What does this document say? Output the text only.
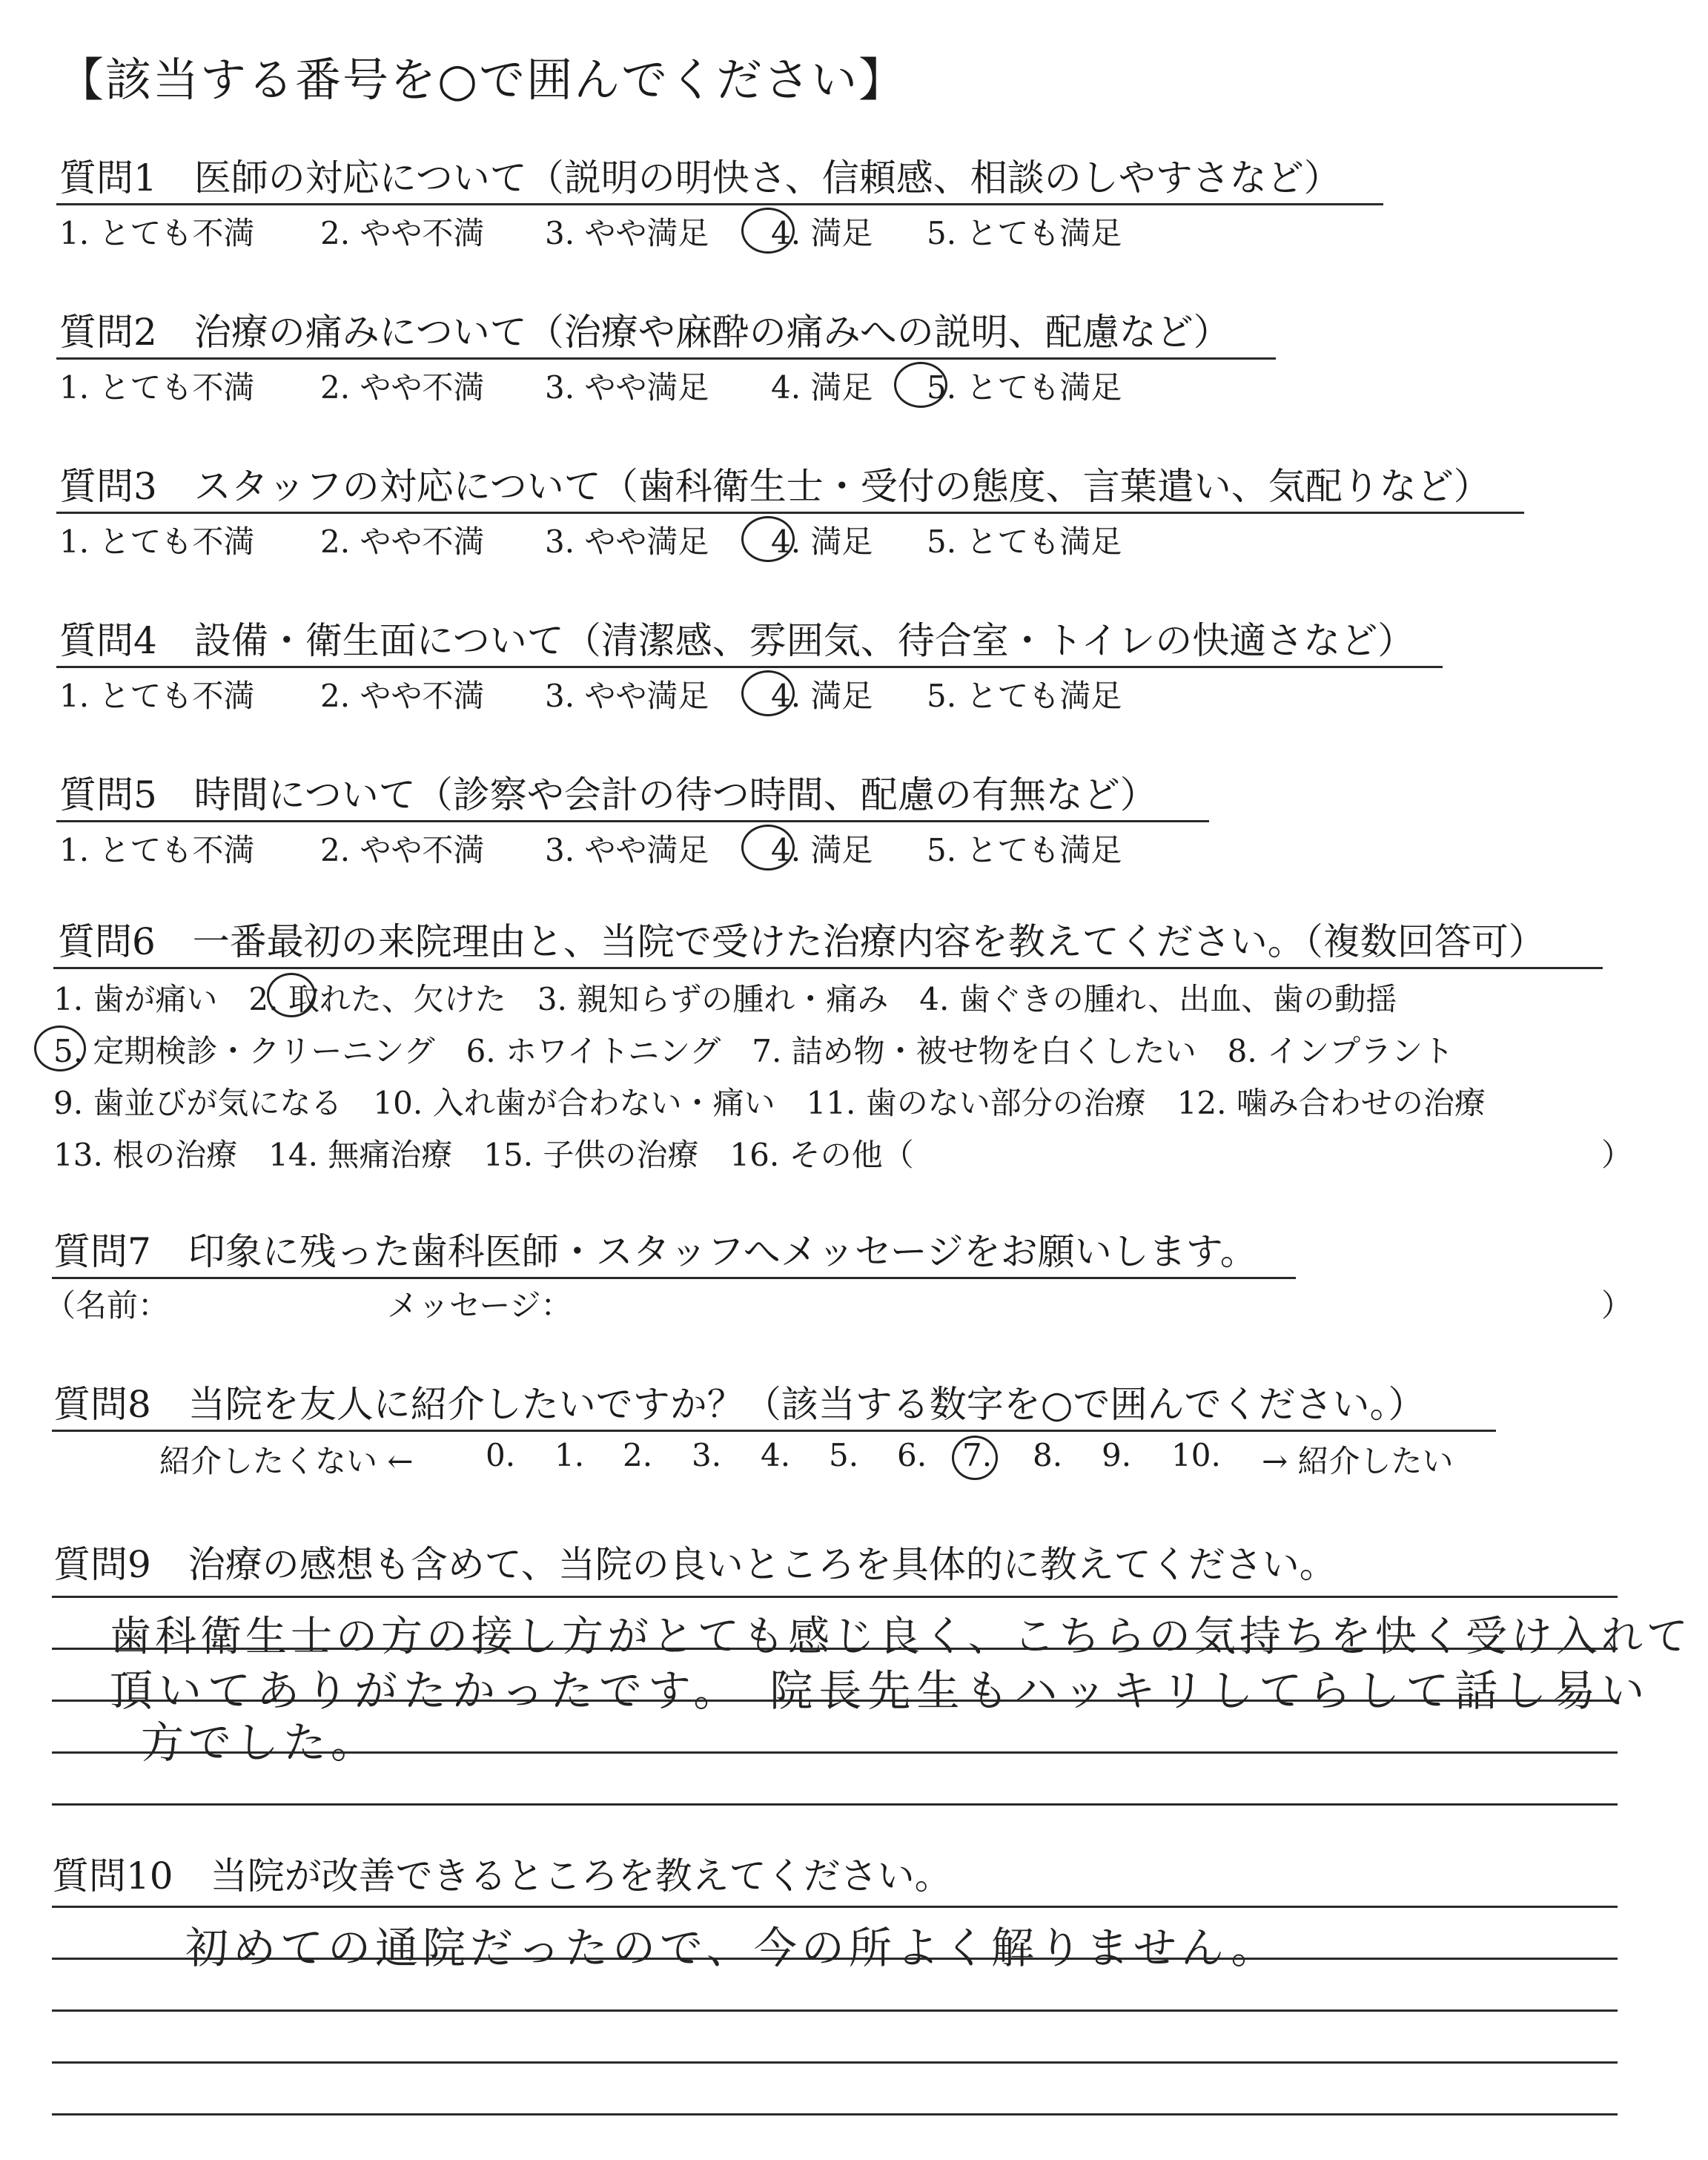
【該当する番号を○で囲んでください】
質問1　医師の対応について（説明の明快さ、信頼感、相談のしやすさなど）
1. とても不満 2. やや不満 3. やや満足 4. 満足 5. とても満足
質問2　治療の痛みについて（治療や麻酔の痛みへの説明、配慮など）
1. とても不満 2. やや不満 3. やや満足 4. 満足 5. とても満足
質問3　スタッフの対応について（歯科衛生士・受付の態度、言葉遣い、気配りなど）
1. とても不満 2. やや不満 3. やや満足 4. 満足 5. とても満足
質問4　設備・衛生面について（清潔感、雰囲気、待合室・トイレの快適さなど）
1. とても不満 2. やや不満 3. やや満足 4. 満足 5. とても満足
質問5　時間について（診察や会計の待つ時間、配慮の有無など）
1. とても不満 2. やや不満 3. やや満足 4. 満足 5. とても満足
質問6　一番最初の来院理由と、当院で受けた治療内容を教えてください。（複数回答可）
1. 歯が痛い　2. 取れた、欠けた　3. 親知らずの腫れ・痛み　4. 歯ぐきの腫れ、出血、歯の動揺
5. 定期検診・クリーニング　6. ホワイトニング　7. 詰め物・被せ物を白くしたい　8. インプラント
9. 歯並びが気になる　10. 入れ歯が合わない・痛い　11. 歯のない部分の治療　12. 噛み合わせの治療
13. 根の治療　14. 無痛治療　15. 子供の治療　16. その他（	）
質問7　印象に残った歯科医師・スタッフへメッセージをお願いします。
（名前：	メッセージ：	）
質問8　当院を友人に紹介したいですか？（該当する数字を○で囲んでください。）
紹介したくない ← 0. 1. 2. 3. 4. 5. 6. 7. 8. 9. 10. → 紹介したい
質問9　治療の感想も含めて、当院の良いところを具体的に教えてください。
歯科衛生士の方の接し方がとても感じ良く、こちらの気持ちを快く受け入れて
頂いてありがたかったです。　院長先生もハッキリしてらして話し易い
方でした。
質問10　当院が改善できるところを教えてください。
初めての通院だったので、今の所よく解りません。
